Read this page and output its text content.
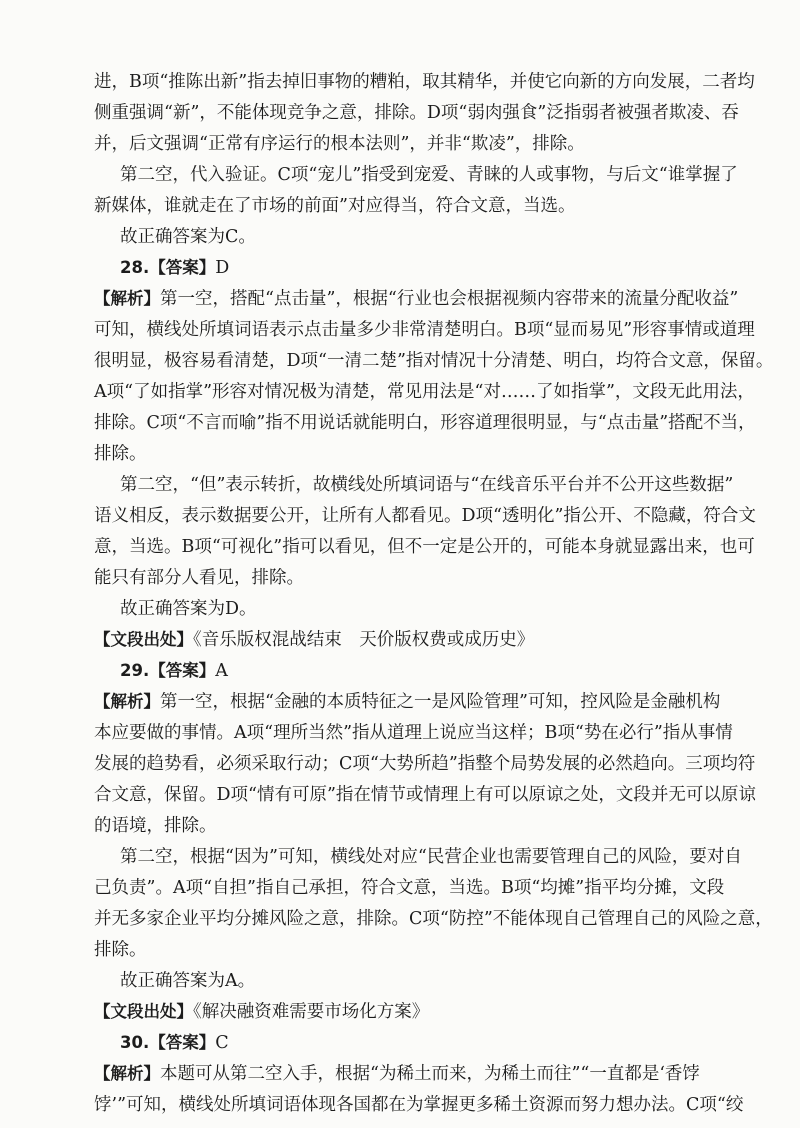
进，B项“推陈出新”指去掉旧事物的糟粕，取其精华，并使它向新的方向发展，二者均
侧重强调“新”，不能体现竞争之意，排除。D项“弱肉强食”泛指弱者被强者欺凌、吞
并，后文强调“正常有序运行的根本法则”，并非“欺凌”，排除。
第二空，代入验证。C项“宠儿”指受到宠爱、青睐的人或事物，与后文“谁掌握了
新媒体，谁就走在了市场的前面”对应得当，符合文意，当选。
故正确答案为C。
28.【答案】D
【解析】第一空，搭配“点击量”，根据“行业也会根据视频内容带来的流量分配收益”
可知，横线处所填词语表示点击量多少非常清楚明白。B项“显而易见”形容事情或道理
很明显，极容易看清楚，D项“一清二楚”指对情况十分清楚、明白，均符合文意，保留。
A项“了如指掌”形容对情况极为清楚，常见用法是“对……了如指掌”，文段无此用法，
排除。C项“不言而喻”指不用说话就能明白，形容道理很明显，与“点击量”搭配不当，
排除。
第二空，“但”表示转折，故横线处所填词语与“在线音乐平台并不公开这些数据”
语义相反，表示数据要公开，让所有人都看见。D项“透明化”指公开、不隐藏，符合文
意，当选。B项“可视化”指可以看见，但不一定是公开的，可能本身就显露出来，也可
能只有部分人看见，排除。
故正确答案为D。
【文段出处】《音乐版权混战结束　天价版权费或成历史》
29.【答案】A
【解析】第一空，根据“金融的本质特征之一是风险管理”可知，控风险是金融机构
本应要做的事情。A项“理所当然”指从道理上说应当这样；B项“势在必行”指从事情
发展的趋势看，必须采取行动；C项“大势所趋”指整个局势发展的必然趋向。三项均符
合文意，保留。D项“情有可原”指在情节或情理上有可以原谅之处，文段并无可以原谅
的语境，排除。
第二空，根据“因为”可知，横线处对应“民营企业也需要管理自己的风险，要对自
己负责”。A项“自担”指自己承担，符合文意，当选。B项“均摊”指平均分摊，文段
并无多家企业平均分摊风险之意，排除。C项“防控”不能体现自己管理自己的风险之意，
排除。
故正确答案为A。
【文段出处】《解决融资难需要市场化方案》
30.【答案】C
【解析】本题可从第二空入手，根据“为稀土而来，为稀土而往”“一直都是‘香饽
饽’”可知，横线处所填词语体现各国都在为掌握更多稀土资源而努力想办法。C项“绞
